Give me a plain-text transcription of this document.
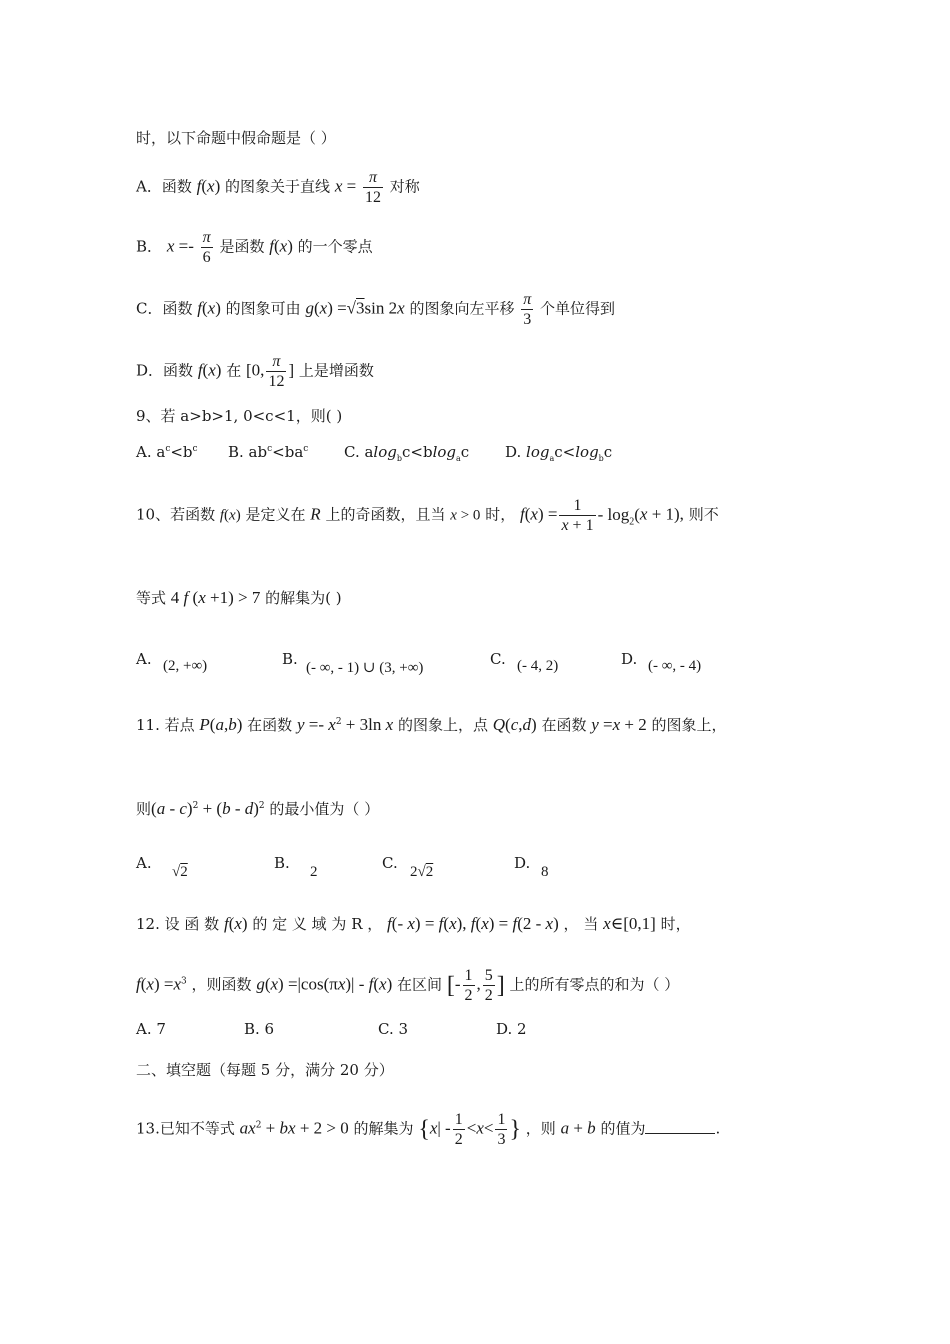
时，以下命题中假命题是（ ）
A．函数 f(x) 的图象关于直线 $x = \frac{\pi}{12}$ 对称
B． $x =- \frac{\pi}{6}$ 是函数 f(x) 的一个零点
C．函数 f(x) 的图象可由 g(x) =√3sin 2x 的图象向左平移 $\frac{\pi}{3}$ 个单位得到
D．函数 f(x) 在 [0, $\frac{\pi}{12}$ ] 上是增函数
9、若 a>b>1, 0<c<1，则( )
A. $a^c<b^c$ B. $ab^c<ba^c$ C. alog$_b$c<blog$_a$c D. $\log_ac<\log_bc$
10、若函数 f(x) 是定义在 R 上的奇函数，且当 x > 0 时， $f(x) = \frac{1}{x + 1} - \log_2(x + 1)$, 则不
等式 4 f (x +1) > 7 的解集为( )
A. (2, +∞)	B. (- ∞, - 1) ∪ (3, +∞)	C. (- 4, 2)	D. (- ∞, - 4)
11. 若点 P(a,b) 在函数 $y =- x^2 + 3\ln$ x 的图象上，点 Q(c,d) 在函数 y =x + 2 的图象上，
则(a - c)$^2$ + (b - d)$^2$ 的最小值为（ ）
A. √2	B. 2	C. 2√2	D. 8
12. 设 函 数 f(x) 的 定 义 域 为 R ， f(- x) = f(x), f(x) = f(2 - x) ， 当 x∈[0,1] 时，
$f(x) =x^3$ ，则函数 g(x) =|cos(πx)| - f(x) 在区间 [- $\frac{1}{2}$ , $\frac{5}{2}$ ] 上的所有零点的和为（ ）
A. 7	B. 6	C. 3	D. 2
二、填空题（每题 5 分，满分 20 分）
13.已知不等式 $ax^2$ + bx + 2 > 0 的解集为 {$x| - \frac{1}{2} <x< \frac{1}{3}$ } ，则 a + b 的值为	.
